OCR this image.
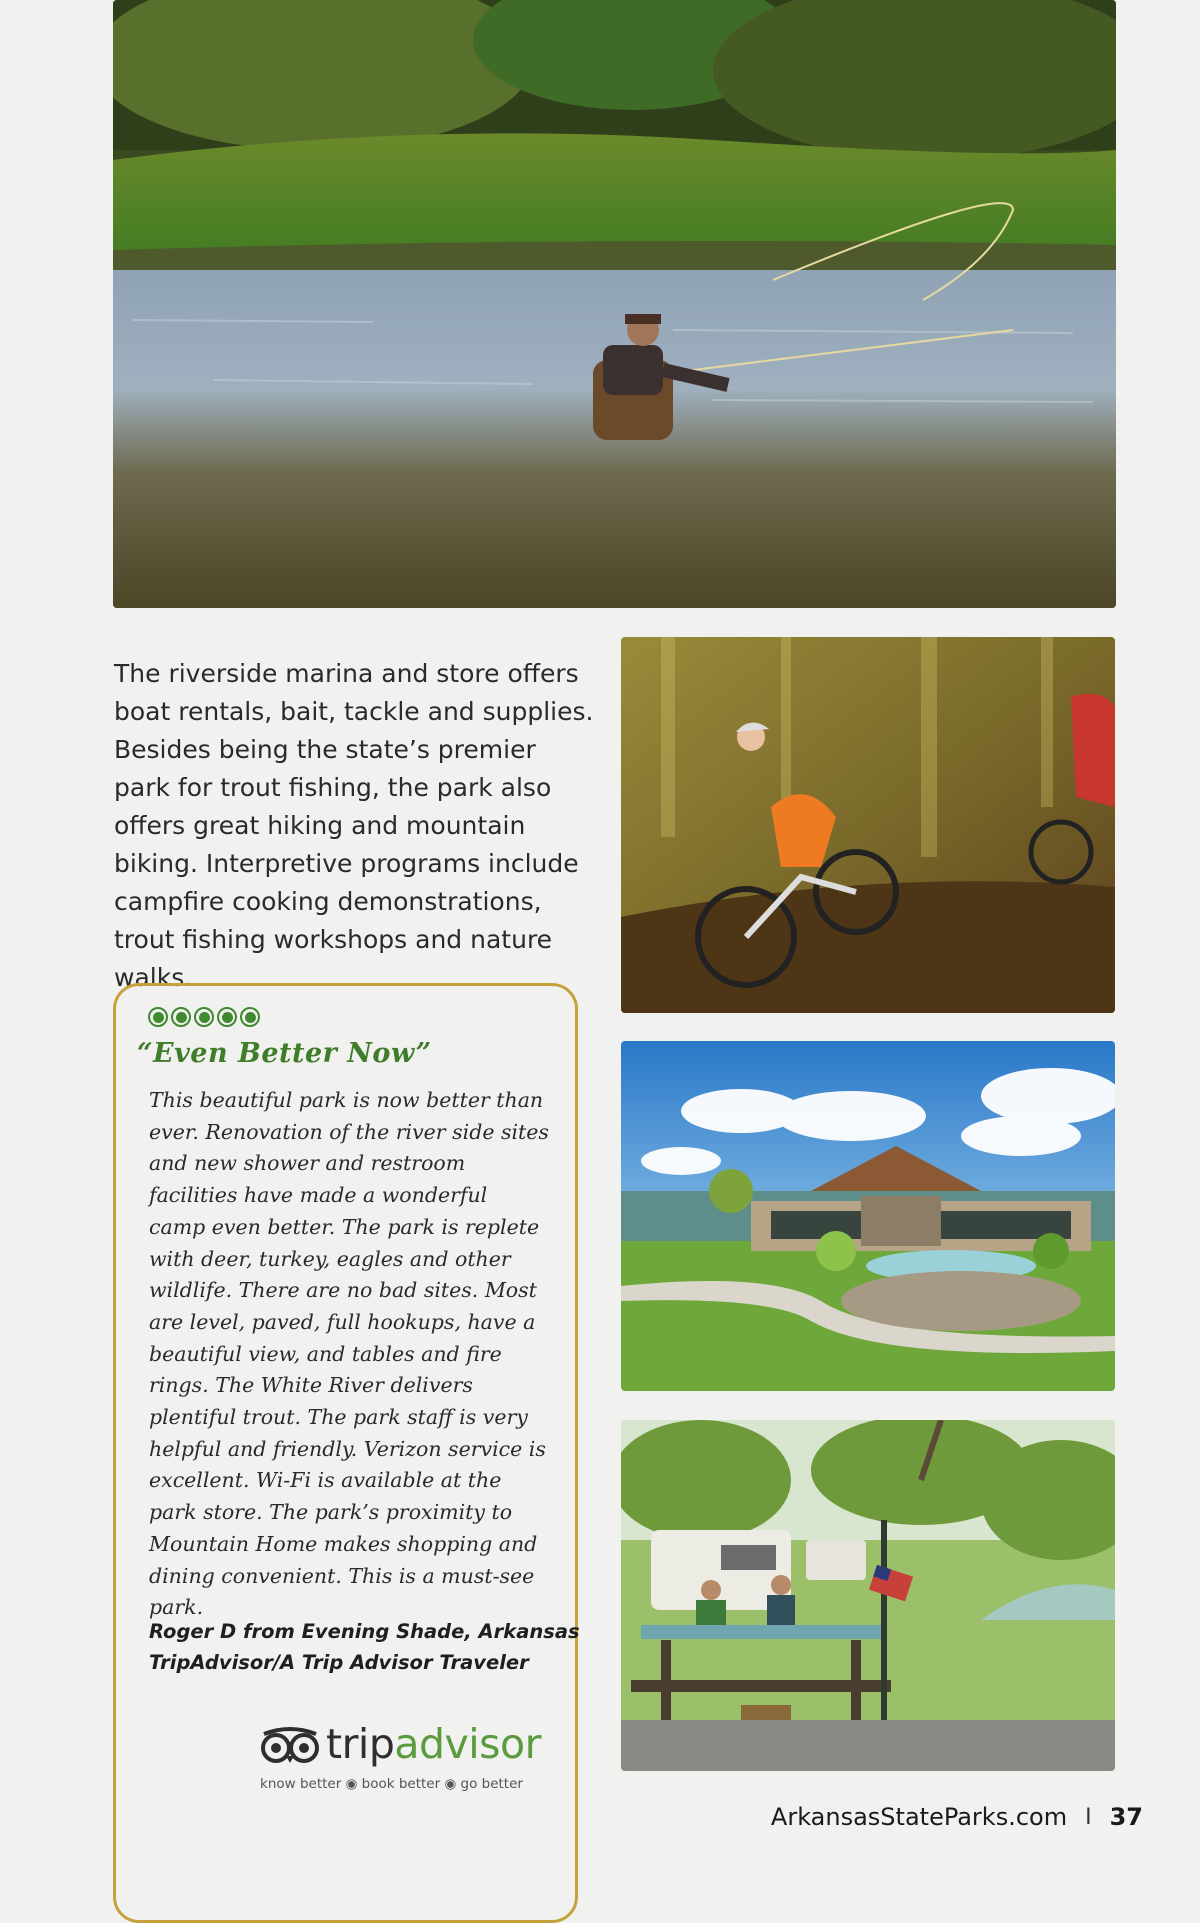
The riverside marina and store offers boat rentals, bait, tackle and supplies. Besides being the state’s premier park for trout fishing, the park also offers great hiking and mountain biking. Interpretive programs include campfire cooking demonstrations, trout fishing workshops and nature walks.

“Even Better Now”

This beautiful park is now better than ever. Renovation of the river side sites and new shower and restroom facilities have made a wonderful camp even better. The park is replete with deer, turkey, eagles and other wildlife. There are no bad sites. Most are level, paved, full hookups, have a beautiful view, and tables and fire rings. The White River delivers plentiful trout. The park staff is very helpful and friendly. Verizon service is excellent. Wi-Fi is available at the park store. The park’s proximity to Mountain Home makes shopping and dining convenient. This is a must-see park.

Roger D from Evening Shade, Arkansas
TripAdvisor/A Trip Advisor Traveler
tripadvisor
know better ◉ book better ◉ go better
ArkansasStateParks.com I 37
